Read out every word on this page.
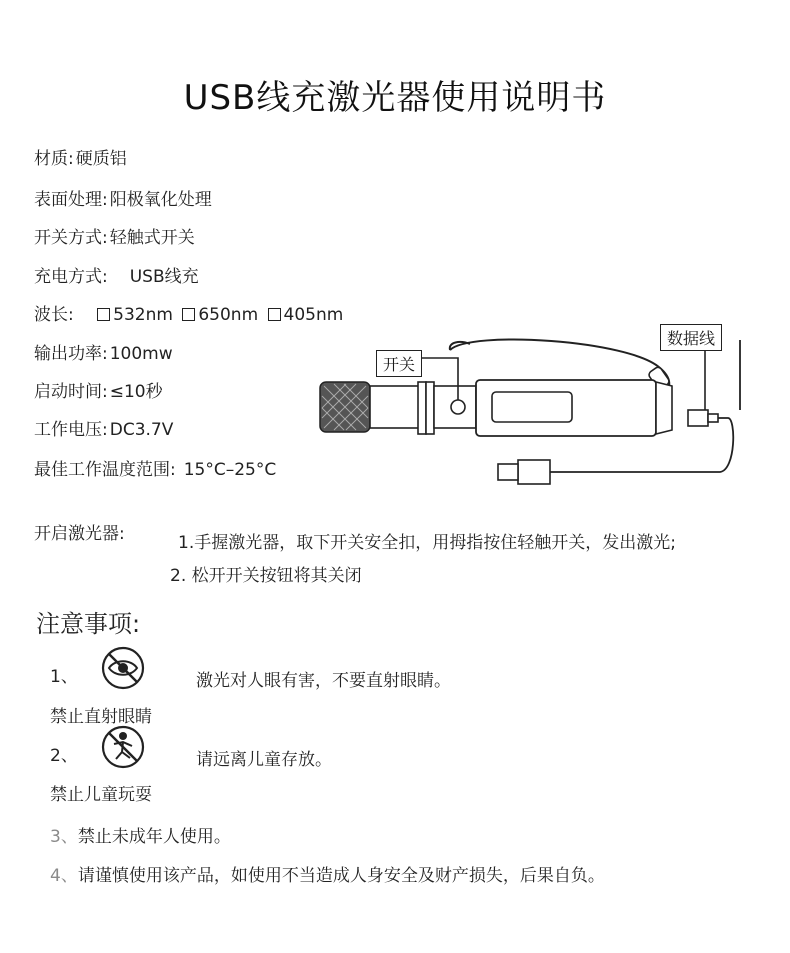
USB线充激光器使用说明书
材质: 硬质铝
表面处理: 阳极氧化处理
开关方式: 轻触式开关
充电方式: USB线充
波长: 532nm 650nm 405nm
输出功率: 100mw
启动时间: ≤10秒
工作电压: DC3.7V
最佳工作温度范围: 15°C–25°C
开关
数据线
开启激光器:	1.手握激光器，取下开关安全扣，用拇指按住轻触开关，发出激光;
2. 松开开关按钮将其关闭
注意事项:
1、	激光对人眼有害，不要直射眼睛。
禁止直射眼睛
2、	请远离儿童存放。
禁止儿童玩耍
3、禁止未成年人使用。
4、请谨慎使用该产品，如使用不当造成人身安全及财产损失，后果自负。
